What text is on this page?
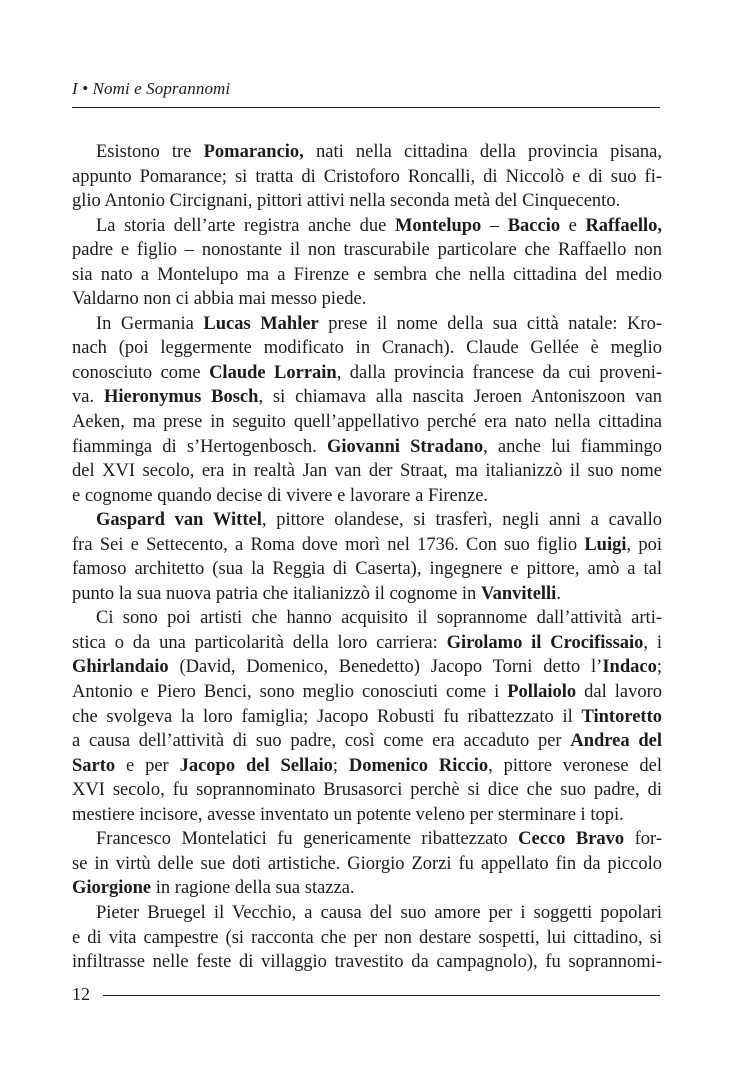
I • Nomi e Soprannomi
Esistono tre Pomarancio, nati nella cittadina della provincia pisana,
appunto Pomarance; si tratta di Cristoforo Roncalli, di Niccolò e di suo fi-
glio Antonio Circignani, pittori attivi nella seconda metà del Cinquecento.
La storia dell’arte registra anche due Montelupo – Baccio e Raffaello,
padre e figlio – nonostante il non trascurabile particolare che Raffaello non
sia nato a Montelupo ma a Firenze e sembra che nella cittadina del medio
Valdarno non ci abbia mai messo piede.
In Germania Lucas Mahler prese il nome della sua città natale: Kro-
nach (poi leggermente modificato in Cranach). Claude Gellée è meglio
conosciuto come Claude Lorrain, dalla provincia francese da cui proveni-
va. Hieronymus Bosch, si chiamava alla nascita Jeroen Antoniszoon van
Aeken, ma prese in seguito quell’appellativo perché era nato nella cittadina
fiamminga di s’Hertogenbosch. Giovanni Stradano, anche lui fiammingo
del XVI secolo, era in realtà Jan van der Straat, ma italianizzò il suo nome
e cognome quando decise di vivere e lavorare a Firenze.
Gaspard van Wittel, pittore olandese, si trasferì, negli anni a cavallo
fra Sei e Settecento, a Roma dove morì nel 1736. Con suo figlio Luigi, poi
famoso architetto (sua la Reggia di Caserta), ingegnere e pittore, amò a tal
punto la sua nuova patria che italianizzò il cognome in Vanvitelli.
Ci sono poi artisti che hanno acquisito il soprannome dall’attività arti-
stica o da una particolarità della loro carriera: Girolamo il Crocifissaio, i
Ghirlandaio (David, Domenico, Benedetto) Jacopo Torni detto l’Indaco;
Antonio e Piero Benci, sono meglio conosciuti come i Pollaiolo dal lavoro
che svolgeva la loro famiglia; Jacopo Robusti fu ribattezzato il Tintoretto
a causa dell’attività di suo padre, così come era accaduto per Andrea del
Sarto e per Jacopo del Sellaio; Domenico Riccio, pittore veronese del
XVI secolo, fu soprannominato Brusasorci perchè si dice che suo padre, di
mestiere incisore, avesse inventato un potente veleno per sterminare i topi.
Francesco Montelatici fu genericamente ribattezzato Cecco Bravo for-
se in virtù delle sue doti artistiche. Giorgio Zorzi fu appellato fin da piccolo
Giorgione in ragione della sua stazza.
Pieter Bruegel il Vecchio, a causa del suo amore per i soggetti popolari
e di vita campestre (si racconta che per non destare sospetti, lui cittadino, si
infiltrasse nelle feste di villaggio travestito da campagnolo), fu soprannomi-
12
